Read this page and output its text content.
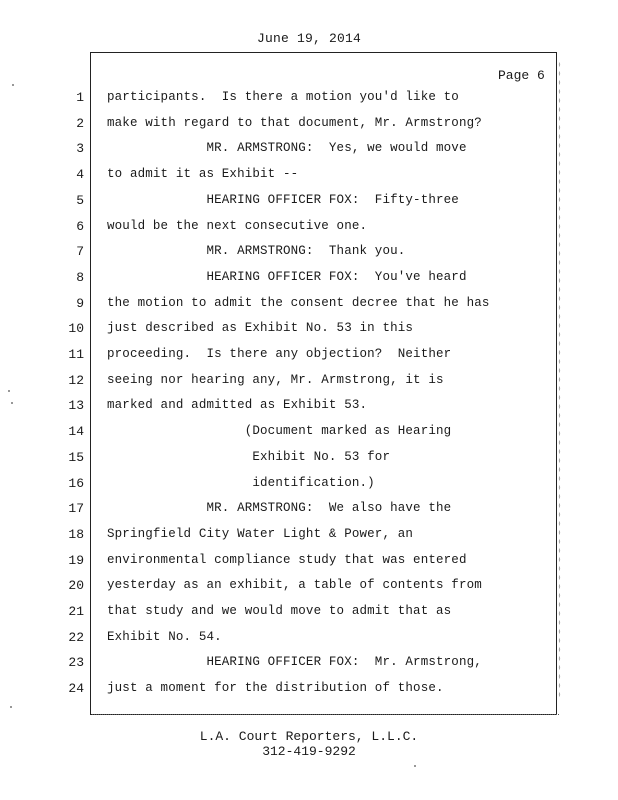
June 19, 2014
Page 6
1 participants.  Is there a motion you'd like to
2 make with regard to that document, Mr. Armstrong?
3 MR. ARMSTRONG:  Yes, we would move
4 to admit it as Exhibit --
5 HEARING OFFICER FOX:  Fifty-three
6 would be the next consecutive one.
7 MR. ARMSTRONG:  Thank you.
8 HEARING OFFICER FOX:  You've heard
9 the motion to admit the consent decree that he has
10 just described as Exhibit No. 53 in this
11 proceeding.  Is there any objection?  Neither
12 seeing nor hearing any, Mr. Armstrong, it is
13 marked and admitted as Exhibit 53.
14 (Document marked as Hearing
15 Exhibit No. 53 for
16 identification.)
17 MR. ARMSTRONG:  We also have the
18 Springfield City Water Light & Power, an
19 environmental compliance study that was entered
20 yesterday as an exhibit, a table of contents from
21 that study and we would move to admit that as
22 Exhibit No. 54.
23 HEARING OFFICER FOX:  Mr. Armstrong,
24 just a moment for the distribution of those.
L.A. Court Reporters, L.L.C.
312-419-9292
